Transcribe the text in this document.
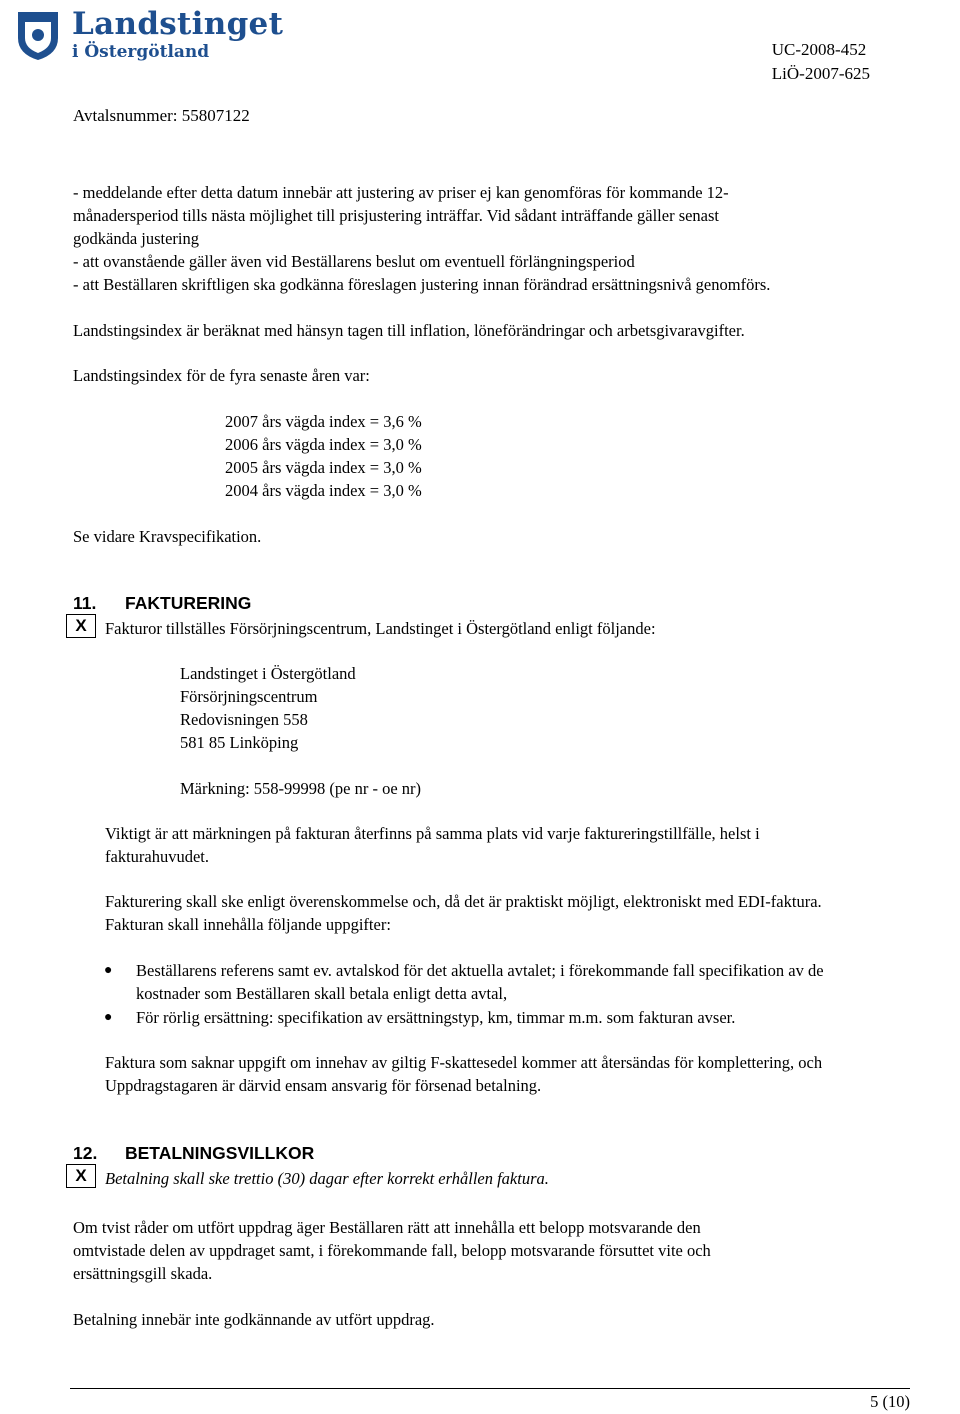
Landstinget
i Östergötland	UC-2008-452
LiÖ-2007-625
Avtalsnummer: 55807122
- meddelande efter detta datum innebär att justering av priser ej kan genomföras för kommande 12-
månadersperiod tills nästa möjlighet till prisjustering inträffar. Vid sådant inträffande gäller senast
godkända justering
- att ovanstående gäller även vid Beställarens beslut om eventuell förlängningsperiod
- att Beställaren skriftligen ska godkänna föreslagen justering innan förändrad ersättningsnivå genomförs.
Landstingsindex är beräknat med hänsyn tagen till inflation, löneförändringar och arbetsgivaravgifter.
Landstingsindex för de fyra senaste åren var:
2007 års vägda index = 3,6 %
2006 års vägda index = 3,0 %
2005 års vägda index = 3,0 %
2004 års vägda index = 3,0 %
Se vidare Kravspecifikation.
11. FAKTURERING
X	Fakturor tillställes Försörjningscentrum, Landstinget i Östergötland enligt följande:
Landstinget i Östergötland
Försörjningscentrum
Redovisningen 558
581 85 Linköping
Märkning: 558-99998 (pe nr - oe nr)
Viktigt är att märkningen på fakturan återfinns på samma plats vid varje faktureringstillfälle, helst i
fakturahuvudet.
Fakturering skall ske enligt överenskommelse och, då det är praktiskt möjligt, elektroniskt med EDI-faktura.
Fakturan skall innehålla följande uppgifter:
● Beställarens referens samt ev. avtalskod för det aktuella avtalet; i förekommande fall specifikation av de
kostnader som Beställaren skall betala enligt detta avtal,
● För rörlig ersättning: specifikation av ersättningstyp, km, timmar m.m. som fakturan avser.
Faktura som saknar uppgift om innehav av giltig F-skattesedel kommer att återsändas för komplettering, och
Uppdragstagaren är därvid ensam ansvarig för försenad betalning.
12. BETALNINGSVILLKOR
X	Betalning skall ske trettio (30) dagar efter korrekt erhållen faktura.
Om tvist råder om utfört uppdrag äger Beställaren rätt att innehålla ett belopp motsvarande den
omtvistade delen av uppdraget samt, i förekommande fall, belopp motsvarande försuttet vite och
ersättningsgill skada.
Betalning innebär inte godkännande av utfört uppdrag.
5 (10)
